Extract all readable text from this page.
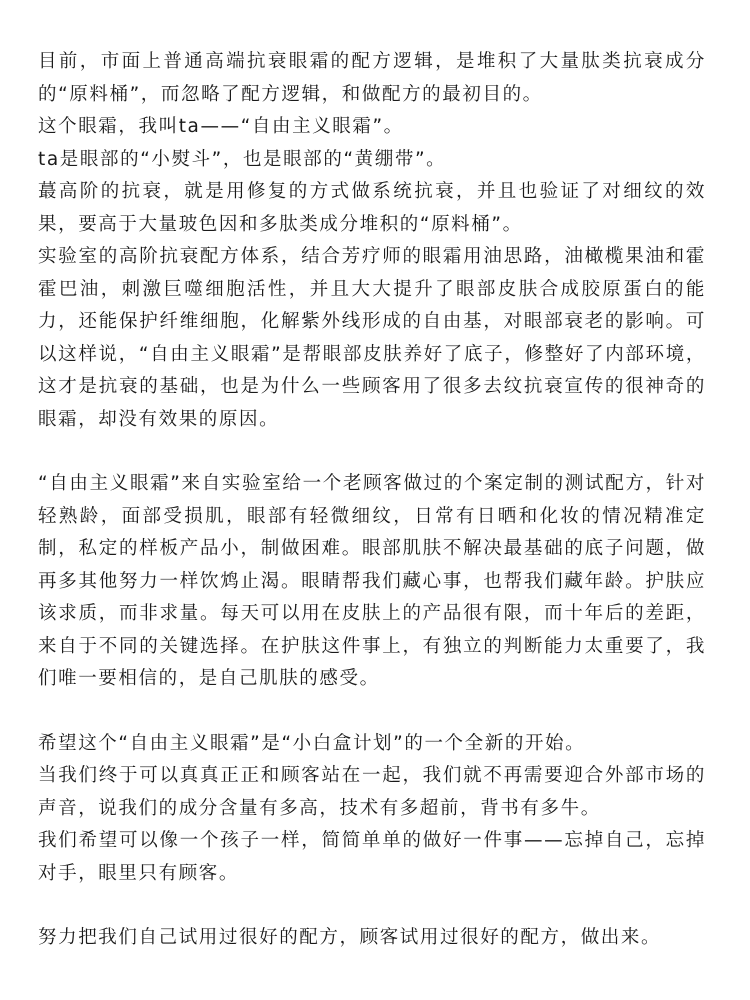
目前，市面上普通高端抗衰眼霜的配方逻辑，是堆积了大量肽类抗衰成分的“原料桶”，而忽略了配方逻辑，和做配方的最初目的。

这个眼霜，我叫ta——“自由主义眼霜”。

ta是眼部的“小熨斗”，也是眼部的“黄绷带”。

蕞高阶的抗衰，就是用修复的方式做系统抗衰，并且也验证了对细纹的效果，要高于大量玻色因和多肽类成分堆积的“原料桶”。

实验室的高阶抗衰配方体系，结合芳疗师的眼霜用油思路，油橄榄果油和霍霍巴油，刺激巨噬细胞活性，并且大大提升了眼部皮肤合成胶原蛋白的能力，还能保护纤维细胞，化解紫外线形成的自由基，对眼部衰老的影响。可以这样说，“自由主义眼霜”是帮眼部皮肤养好了底子，修整好了内部环境，这才是抗衰的基础，也是为什么一些顾客用了很多去纹抗衰宣传的很神奇的眼霜，却没有效果的原因。

“自由主义眼霜”来自实验室给一个老顾客做过的个案定制的测试配方，针对轻熟龄，面部受损肌，眼部有轻微细纹，日常有日晒和化妆的情况精准定制，私定的样板产品小，制做困难。眼部肌肤不解决最基础的底子问题，做再多其他努力一样饮鸩止渴。眼睛帮我们藏心事，也帮我们藏年龄。护肤应该求质，而非求量。每天可以用在皮肤上的产品很有限，而十年后的差距，来自于不同的关键选择。在护肤这件事上，有独立的判断能力太重要了，我们唯一要相信的，是自己肌肤的感受。

希望这个“自由主义眼霜”是“小白盒计划”的一个全新的开始。

当我们终于可以真真正正和顾客站在一起，我们就不再需要迎合外部市场的声音，说我们的成分含量有多高，技术有多超前，背书有多牛。

我们希望可以像一个孩子一样，简简单单的做好一件事——忘掉自己，忘掉对手，眼里只有顾客。

努力把我们自己试用过很好的配方，顾客试用过很好的配方，做出来。
